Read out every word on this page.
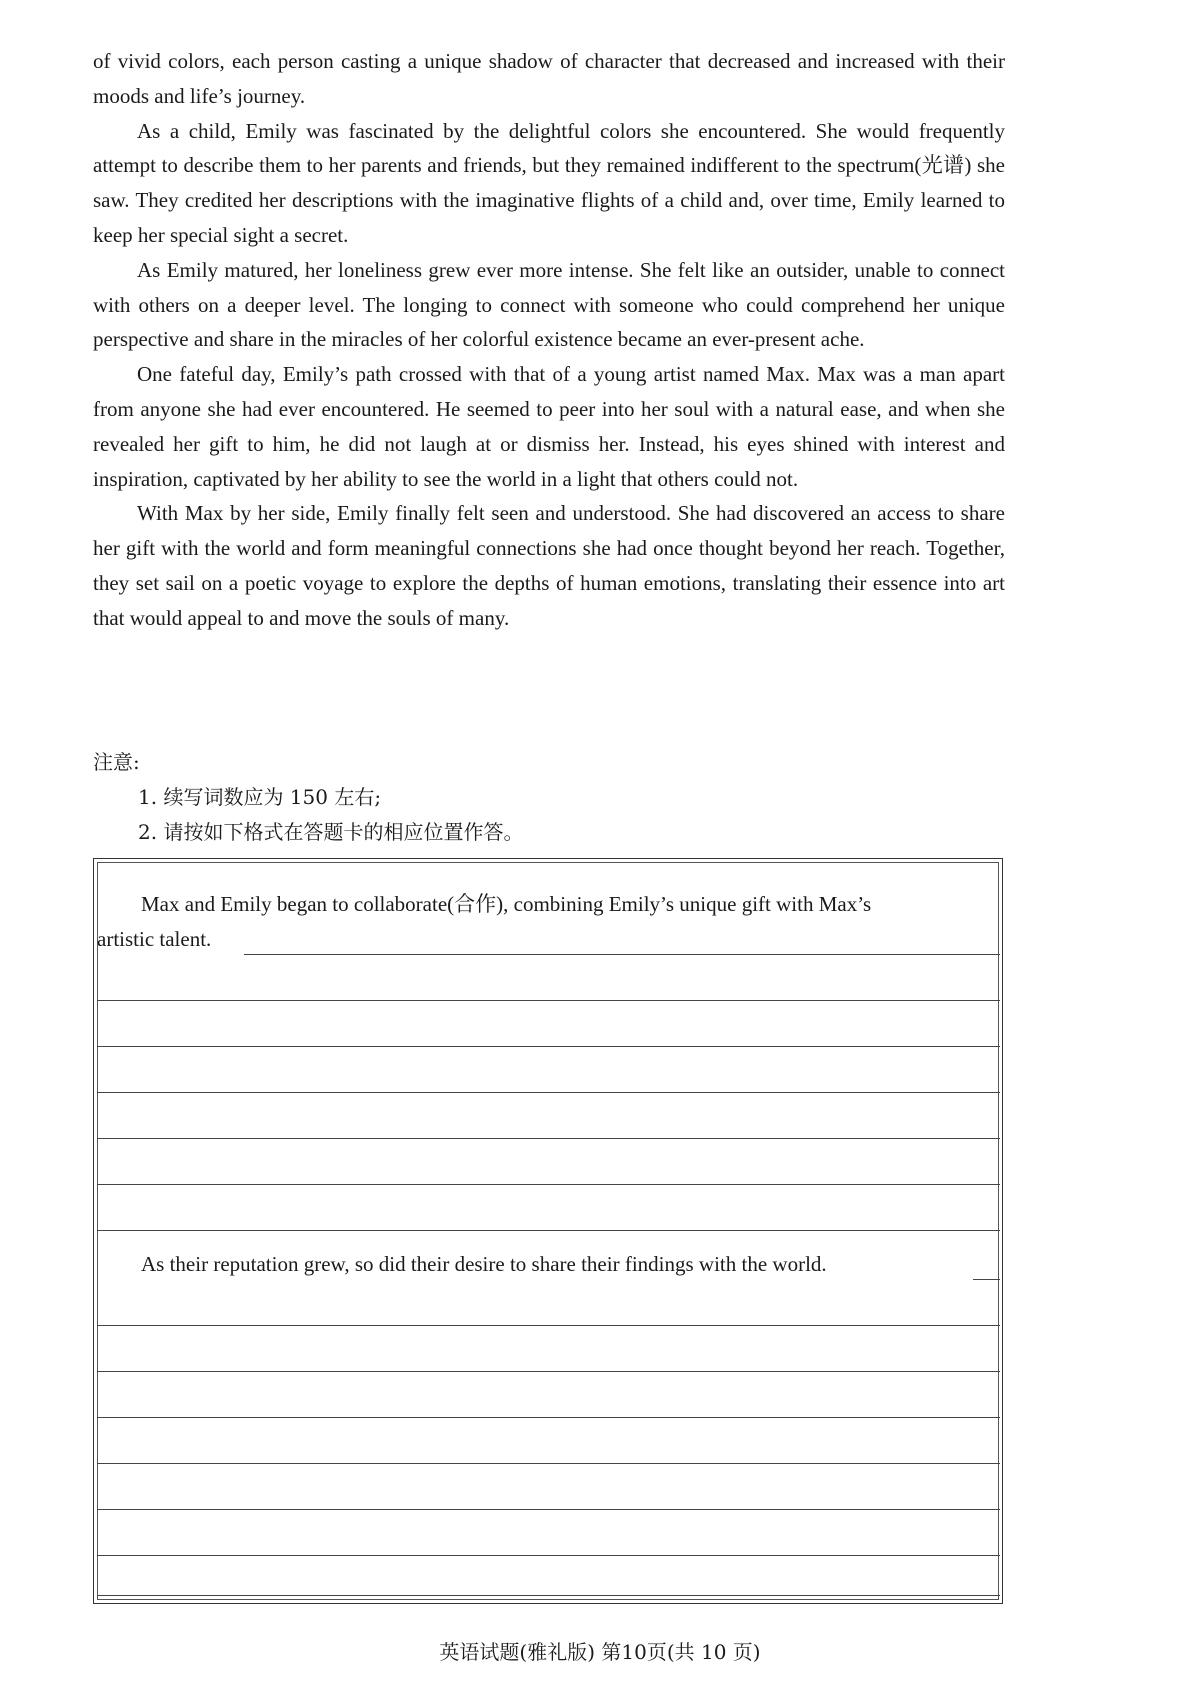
of vivid colors, each person casting a unique shadow of character that decreased and increased with their moods and life’s journey.

As a child, Emily was fascinated by the delightful colors she encountered. She would frequently attempt to describe them to her parents and friends, but they remained indifferent to the spectrum(光谱) she saw. They credited her descriptions with the imaginative flights of a child and, over time, Emily learned to keep her special sight a secret.

As Emily matured, her loneliness grew ever more intense. She felt like an outsider, unable to connect with others on a deeper level. The longing to connect with someone who could comprehend her unique perspective and share in the miracles of her colorful existence became an ever-present ache.

One fateful day, Emily’s path crossed with that of a young artist named Max. Max was a man apart from anyone she had ever encountered. He seemed to peer into her soul with a natural ease, and when she revealed her gift to him, he did not laugh at or dismiss her. Instead, his eyes shined with interest and inspiration, captivated by her ability to see the world in a light that others could not.

With Max by her side, Emily finally felt seen and understood. She had discovered an access to share her gift with the world and form meaningful connections she had once thought beyond her reach. Together, they set sail on a poetic voyage to explore the depths of human emotions, translating their essence into art that would appeal to and move the souls of many.

注意:

1. 续写词数应为 150 左右;

2. 请按如下格式在答题卡的相应位置作答。

Max and Emily began to collaborate(合作), combining Emily’s unique gift with Max’s
artistic talent.
As their reputation grew, so did their desire to share their findings with the world.
英语试题(雅礼版) 第10页(共 10 页)
